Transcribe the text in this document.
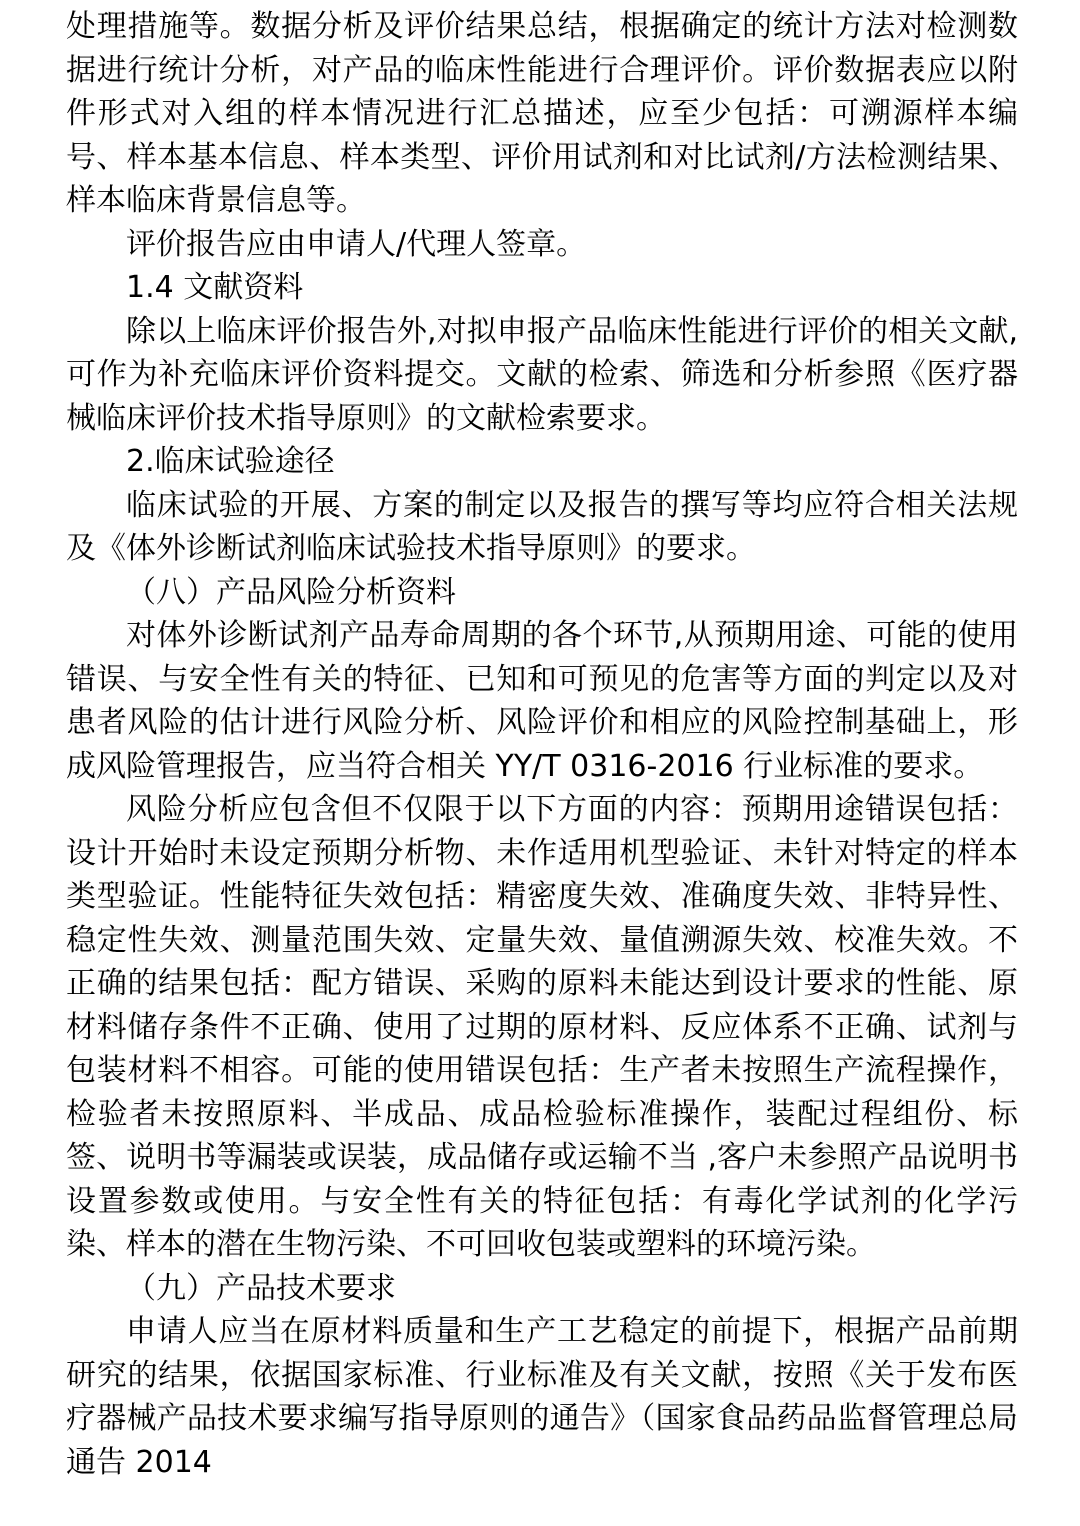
处理措施等。数据分析及评价结果总结，根据确定的统计方法对检测数据进行统计分析，对产品的临床性能进行合理评价。评价数据表应以附件形式对入组的样本情况进行汇总描述，应至少包括：可溯源样本编号、样本基本信息、样本类型、评价用试剂和对比试剂/方法检测结果、样本临床背景信息等。

评价报告应由申请人/代理人签章。

1.4 文献资料

除以上临床评价报告外,对拟申报产品临床性能进行评价的相关文献,可作为补充临床评价资料提交。文献的检索、筛选和分析参照《医疗器械临床评价技术指导原则》的文献检索要求。

2.临床试验途径

临床试验的开展、方案的制定以及报告的撰写等均应符合相关法规及《体外诊断试剂临床试验技术指导原则》的要求。

（八）产品风险分析资料

对体外诊断试剂产品寿命周期的各个环节,从预期用途、可能的使用错误、与安全性有关的特征、已知和可预见的危害等方面的判定以及对患者风险的估计进行风险分析、风险评价和相应的风险控制基础上，形成风险管理报告，应当符合相关 YY/T 0316-2016 行业标准的要求。

风险分析应包含但不仅限于以下方面的内容：预期用途错误包括：设计开始时未设定预期分析物、未作适用机型验证、未针对特定的样本类型验证。性能特征失效包括：精密度失效、准确度失效、非特异性、稳定性失效、测量范围失效、定量失效、量值溯源失效、校准失效。不正确的结果包括：配方错误、采购的原料未能达到设计要求的性能、原材料储存条件不正确、使用了过期的原材料、反应体系不正确、试剂与包装材料不相容。可能的使用错误包括：生产者未按照生产流程操作，检验者未按照原料、半成品、成品检验标准操作，装配过程组份、标签、说明书等漏装或误装，成品储存或运输不当 ,客户未参照产品说明书设置参数或使用。与安全性有关的特征包括：有毒化学试剂的化学污染、样本的潜在生物污染、不可回收包装或塑料的环境污染。

（九）产品技术要求

申请人应当在原材料质量和生产工艺稳定的前提下，根据产品前期研究的结果，依据国家标准、行业标准及有关文献，按照《关于发布医疗器械产品技术要求编写指导原则的通告》（国家食品药品监督管理总局通告 2014
